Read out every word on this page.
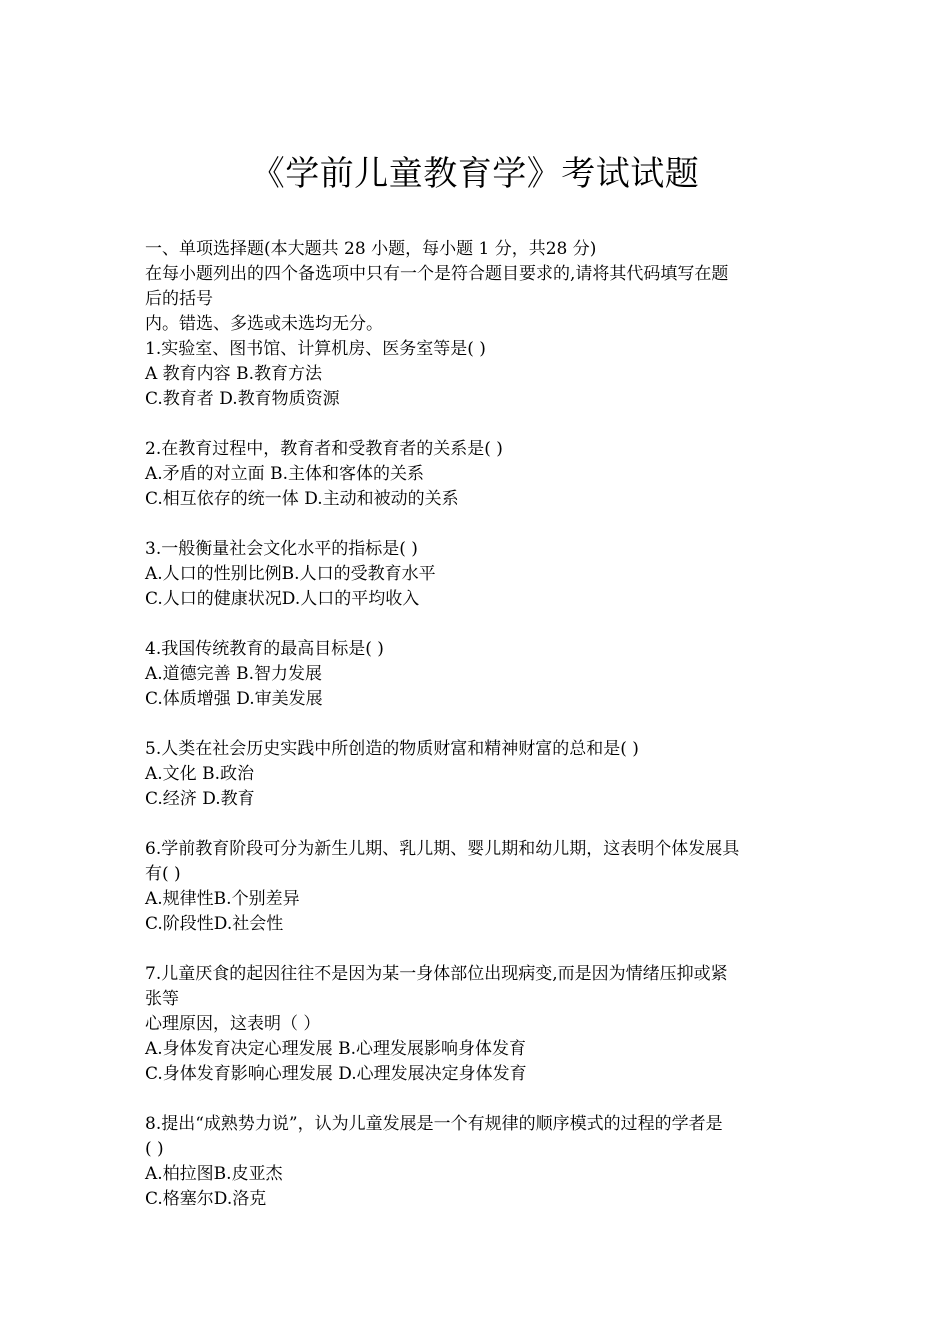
《学前儿童教育学》考试试题
一、单项选择题(本大题共 28 小题，每小题 1 分，共28 分)
在每小题列出的四个备选项中只有一个是符合题目要求的,请将其代码填写在题
后的括号
内。错选、多选或未选均无分。
1.实验室、图书馆、计算机房、医务室等是( )
A 教育内容 B.教育方法
C.教育者 D.教育物质资源
2.在教育过程中，教育者和受教育者的关系是( )
A.矛盾的对立面 B.主体和客体的关系
C.相互依存的统一体 D.主动和被动的关系
3.一般衡量社会文化水平的指标是( )
A.人口的性别比例B.人口的受教育水平
C.人口的健康状况D.人口的平均收入
4.我国传统教育的最高目标是( )
A.道德完善 B.智力发展
C.体质增强 D.审美发展
5.人类在社会历史实践中所创造的物质财富和精神财富的总和是( )
A.文化 B.政治
C.经济 D.教育
6.学前教育阶段可分为新生儿期、乳儿期、婴儿期和幼儿期，这表明个体发展具
有( )
A.规律性B.个别差异
C.阶段性D.社会性
7.儿童厌食的起因往往不是因为某一身体部位出现病变,而是因为情绪压抑或紧
张等
心理原因，这表明（ ）
A.身体发育决定心理发展 B.心理发展影响身体发育
C.身体发育影响心理发展 D.心理发展决定身体发育
8.提出“成熟势力说”，认为儿童发展是一个有规律的顺序模式的过程的学者是
( )
A.柏拉图B.皮亚杰
C.格塞尔D.洛克
